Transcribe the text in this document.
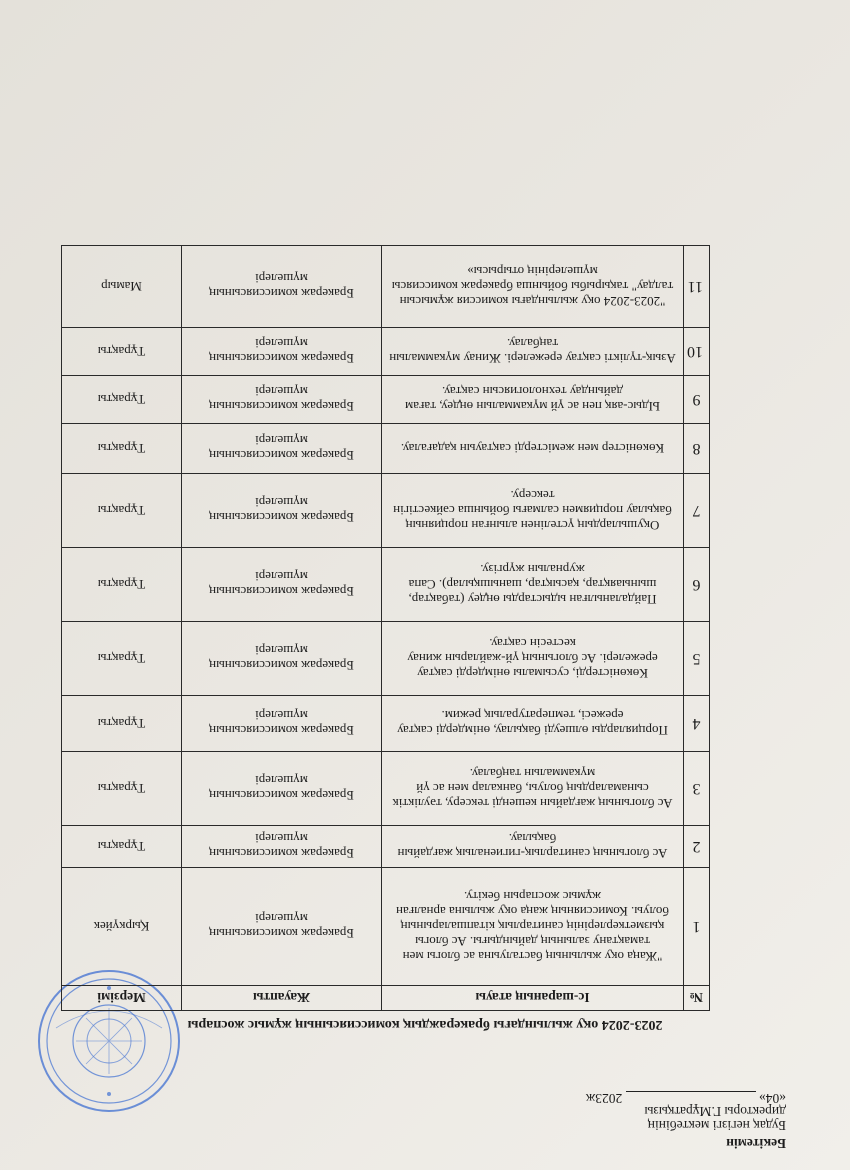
Бекітемін
Будақ негізгі мектебінің
директоры Г.Мұратқызы
«04»  2023ж
2023-2024 оқу жылындағы бракераждық комиссиясының жұмыс жоспары
№	Іс-шараның атауы	Жауапты	Мерзімі
1	"Жаңа оқу жылының басталуына ас блогы мен тамақтану залының дайындығы. Ас блогы қызметкерлерінің санитарлық кітапшаларының болуы. Комиссияның жаңа оқу жылына арналған жұмыс жоспарын бекіту.	Бракераж комиссиясының мүшелері	Қыркүйек
2	Ас блогының санитарлық-гигиеналық жағдайын бақылау.	Бракераж комиссиясының мүшелері	Тұрақты
3	Ас блогының жағдайын кешенді тексеру, тәуліктік сынамалардың болуы, банкалар мен ас үй мүкаммалын таңбалау.	Бракераж комиссиясының мүшелері	Тұрақты
4	Порцияларды өлшеуді бақылау, өнімдерді сақтау ережесі, температуралық режим.	Бракераж комиссиясының мүшелері	Тұрақты
5	Көкөністерді, сусымалы өнімдерді сақтау ережелері. Ас блогының үй-жайларын жинау кестесін сақтау.	Бракераж комиссиясының мүшелері	Тұрақты
6	Пайдаланылған ыдыстарды өңдеу (табақтар, шыныаяқтар, қасықтар, шанышқылар). Сапа журналын жүргізу.	Бракераж комиссиясының мүшелері	Тұрақты
7	Оқушылардың үстелінен алынған порцияның бақылау порциямен салмағы бойынша сәйкестігін тексеру.	Бракераж комиссиясының мүшелері	Тұрақты
8	Көкөністер мен жемістерді сақтауын қадағалау.	Бракераж комиссиясының мүшелері	Тұрақты
9	Ыдыс-аяқ пен ас үй мүкаммалын өңдеу, тағам дайындау технологиясын сақтау.	Бракераж комиссиясының мүшелері	Тұрақты
10	Азық-түлікті сақтау ережелері. Жинау мүкаммалын таңбалау.	Бракераж комиссиясының мүшелері	Тұрақты
11	"2023-2024 оқу жылындағы комиссия жұмысын талдау" тақырыбы бойынша бракераж комиссиясы мүшелерінің отырысы»	Бракераж комиссиясының мүшелері	Мамыр
